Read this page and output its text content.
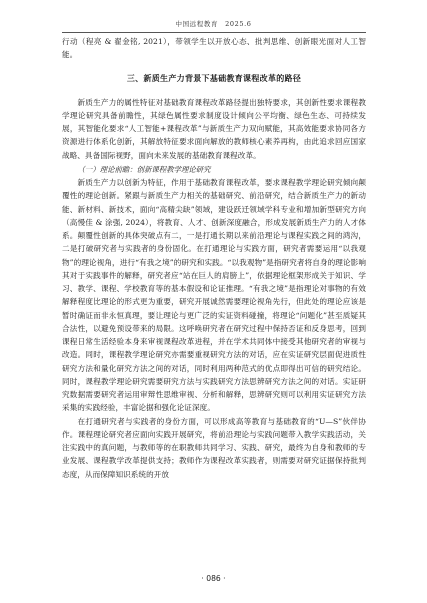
中国远程教育　2025.6

行动（程亮 & 翟金铭, 2021），带领学生以开放心态、批判思维、创新眼光面对人工智能。

三、新质生产力背景下基础教育课程改革的路径

新质生产力的属性特征对基础教育课程改革路径提出独特要求，其创新性要求课程教学理论研究具备前瞻性，其绿色属性要求制度设计倾向公平均衡、绿色生态、可持续发展，其智能化要求“人工智能+课程改革”与新质生产力双向赋能，其高效能要求协同各方资源进行体系化创新，其解放特征要求面向解放的教师核心素养再构，由此追求回应国家战略、具备国际视野，面向未来发展的基础教育课程改革。

（一）理论前瞻：创新课程教学理论研究

新质生产力以创新为特征，作用于基础教育课程改革，要求课程教学理论研究倾向颠覆性的理论创新。紧跟与新质生产力相关的基础研究、前沿研究，结合新质生产力的新动能、新材料、新技术，面向“高精尖缺”领域，建设跃迁领域学科专业和增加新型研究方向（高慢佳 & 涂强, 2024），将教育、人才、创新深度融合，形成发展新质生产力的人才体系。颠覆性创新的具体突破点有二，一是打通长期以来前沿理论与课程实践之间的鸿沟，二是打破研究者与实践者的身份固化。在打通理论与实践方面，研究者需要运用“以我观物”的理论视角，进行“有我之境”的研究和实践。“以我观物”是指研究者将自身的理论影响其对于实践事件的解释，研究者应“站在巨人的肩膀上”，依据理论框架形成关于知识、学习、教学、课程、学校教育等的基本假设和论证推理。“有我之境”是指理论对事物的有效解释程度比理论的形式更为重要，研究开展诚然需要理论视角先行，但此处的理论应该是暂时确证而非永恒真理，要让理论与更广泛的实证资料碰撞，将理论“问题化”甚至质疑其合法性，以避免预设带来的局限。这呼唤研究者在研究过程中保持否证和反身思考，回到课程日常生活经验本身来审视课程改革进程，并在学术共同体中接受其他研究者的审视与改造。同时，课程教学理论研究亦需要重视研究方法的对话，应在实证研究层面促进质性研究方法和量化研究方法之间的对话，同时利用两种范式的优点即得出可信的研究结论。同时，课程教学理论研究需要研究方法与实践研究方法思辨研究方法之间的对话。实证研究数据需要研究者运用审辩性思维审视、分析和解释，思辨研究则可以利用实证研究方法采集的实践经验，丰富论据和强化论证深度。

在打通研究者与实践者的身份方面，可以形成高等教育与基础教育的“U—S”伙伴协作。课程理论研究者应面向实践开展研究，将前沿理论与实践问题带入教学实践活动，关注实践中的真问题，与教师等的在职教师共同学习、实践、研究，最终为自身和教师的专业发展、课程教学改革提供支持；教师作为课程改革实践者，则需要对研究证据保持批判态度，从而保障知识系统的开放

· 086 ·
